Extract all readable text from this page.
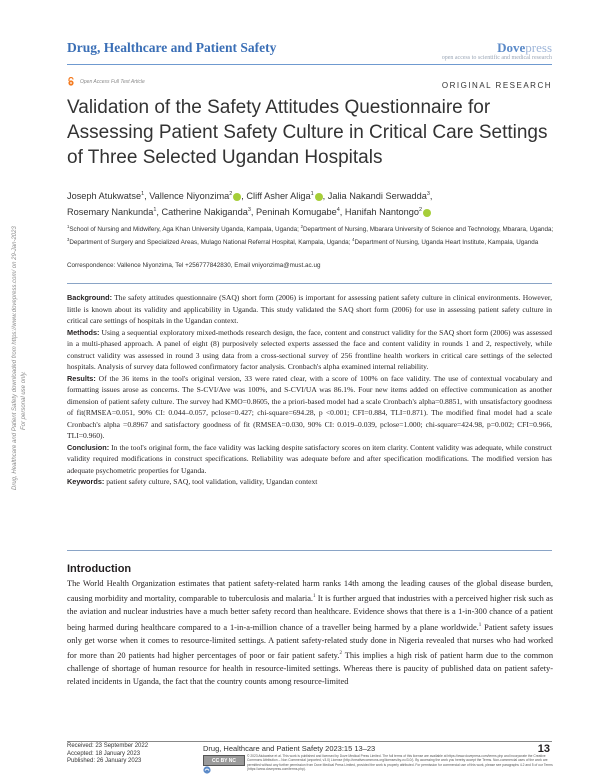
Drug, Healthcare and Patient Safety	Dovepress
open access to scientific and medical research
Open Access Full Text Article	ORIGINAL RESEARCH
Validation of the Safety Attitudes Questionnaire for Assessing Patient Safety Culture in Critical Care Settings of Three Selected Ugandan Hospitals
Joseph Atukwatse$^1$, Vallence Niyonzima$^2$ , Cliff Asher Aliga$^1$ , Jalia Nakandi Serwadda$^3$,
Rosemary Nankunda$^1$, Catherine Nakiganda$^3$, Peninah Komugabe$^4$, Hanifah Nantongo$^2$
$^1$School of Nursing and Midwifery, Aga Khan University Uganda, Kampala, Uganda; $^2$Department of Nursing, Mbarara University of Science and Technology, Mbarara, Uganda; $^3$Department of Surgery and Specialized Areas, Mulago National Referral Hospital, Kampala, Uganda; $^4$Department of Nursing, Uganda Heart Institute, Kampala, Uganda
Correspondence: Vallence Niyonzima, Tel +256777842830, Email vniyonzima@must.ac.ug

Background: The safety attitudes questionnaire (SAQ) short form (2006) is important for assessing patient safety culture in clinical environments. However, little is known about its validity and applicability in Uganda. This study validated the SAQ short form (2006) for use in assessing patient safety culture in critical care settings of hospitals in the Ugandan context.

Methods: Using a sequential exploratory mixed-methods research design, the face, content and construct validity for the SAQ short form (2006) was assessed in a multi-phased approach. A panel of eight (8) purposively selected experts assessed the face and content validity in rounds 1 and 2, respectively, while construct validity was assessed in round 3 using data from a cross-sectional survey of 256 frontline health workers in critical care settings of the selected hospitals. Analysis of survey data followed confirmatory factor analysis. Cronbach's alpha examined internal reliability.

Results: Of the 36 items in the tool's original version, 33 were rated clear, with a score of 100% on face validity. The use of contextual vocabulary and formatting issues arose as concerns. The S-CVI/Ave was 100%, and S-CVI/UA was 86.1%. Four new items added on effective communication as another dimension of patient safety culture. The survey had KMO=0.8605, the a priori-based model had a scale Cronbach's alpha=0.8851, with unsatisfactory goodness of fit(RMSEA=0.051, 90% CI: 0.044–0.057, pclose=0.427; chi-square=694.28, p <0.001; CFI=0.884, TLI=0.871). The modified final model had a scale Cronbach's alpha =0.8967 and satisfactory goodness of fit (RMSEA=0.030, 90% CI: 0.019–0.039, pclose=1.000; chi-square=424.98, p=0.002; CFI=0.966, TLI=0.960).

Conclusion: In the tool's original form, the face validity was lacking despite satisfactory scores on item clarity. Content validity was adequate, while construct validity required modifications in construct specifications. Reliability was adequate before and after specification modifications. The modified version has adequate psychometric properties for Uganda.

Keywords: patient safety culture, SAQ, tool validation, validity, Ugandan context

Introduction

The World Health Organization estimates that patient safety-related harm ranks 14th among the leading causes of the global disease burden, causing morbidity and mortality, comparable to tuberculosis and malaria.$^1$ It is further argued that industries with a perceived higher risk such as the aviation and nuclear industries have a much better safety record than healthcare. Evidence shows that there is a 1-in-300 chance of a patient being harmed during healthcare compared to a 1-in-a-million chance of a traveller being harmed by a plane worldwide.$^1$ Patient safety issues only get worse when it comes to resource-limited settings. A patient safety-related study done in Nigeria revealed that nurses who had worked for more than 20 patients had higher percentages of poor or fair patient safety.$^2$ This implies a high risk of patient harm due to the common challenge of shortage of human resource for health in resource-limited settings. Whereas there is paucity of published data on patient safety-related incidents in Uganda, the fact that the country counts among resource-limited

Drug, Healthcare and Patient Safety downloaded from https://www.dovepress.com/ on 29-Jan-2023 For personal use only.
Received: 23 September 2022
Accepted: 18 January 2023
Published: 26 January 2023
Drug, Healthcare and Patient Safety 2023:15 13–23	13
CC BY NC
© 2023 Atukwatse et al. This work is published and licensed by Dove Medical Press Limited. The full terms of this license are available at https://www.dovepress.com/terms.php and incorporate the Creative Commons Attribution – Non Commercial (unported, v3.0) License (http://creativecommons.org/licenses/by-nc/3.0/). By accessing the work you hereby accept the Terms. Non-commercial uses of the work are permitted without any further permission from Dove Medical Press Limited, provided the work is properly attributed. For permission for commercial use of this work, please see paragraphs 4.2 and 5 of our Terms (https://www.dovepress.com/terms.php).
